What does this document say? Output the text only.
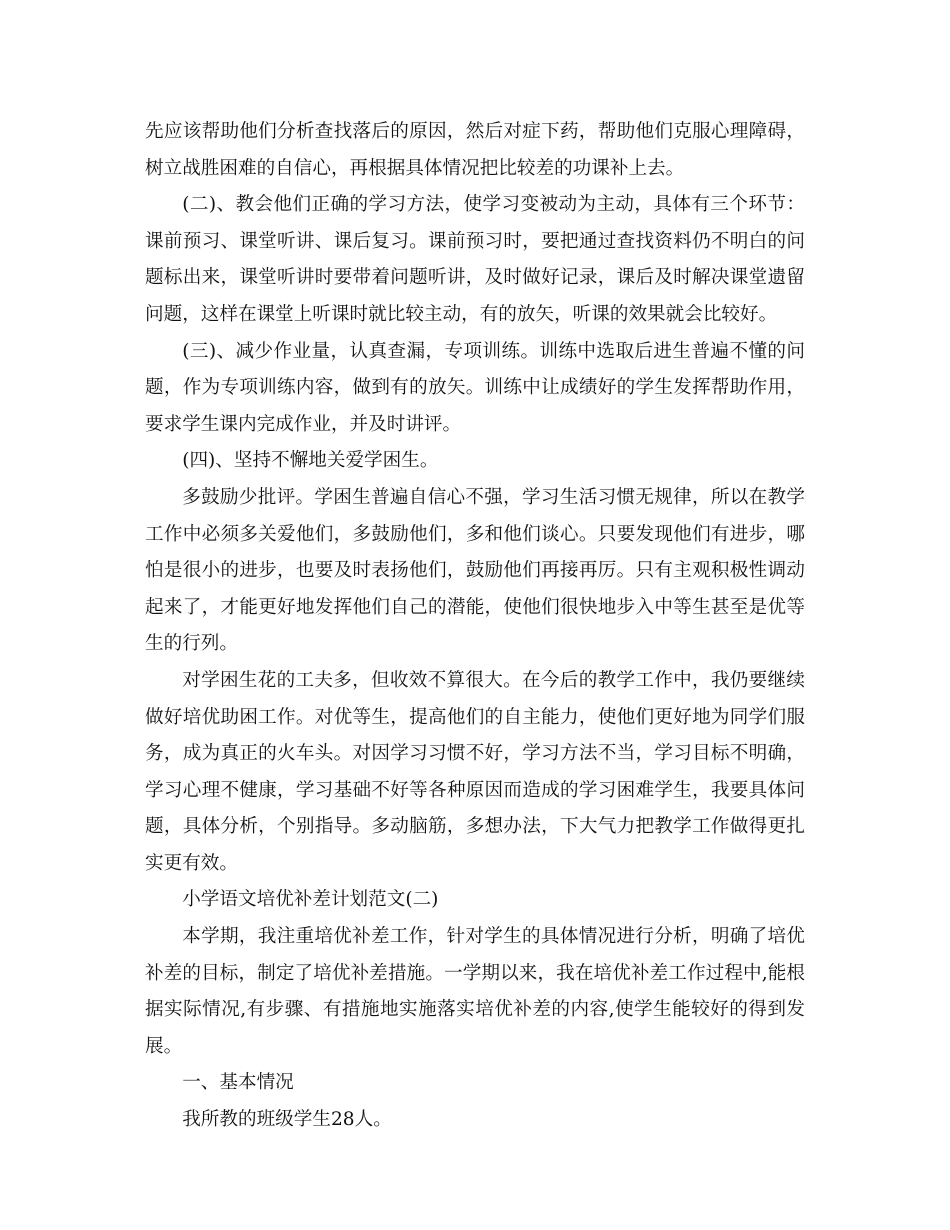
先应该帮助他们分析查找落后的原因，然后对症下药，帮助他们克服心理障碍，树立战胜困难的自信心，再根据具体情况把比较差的功课补上去。

(二)、教会他们正确的学习方法，使学习变被动为主动，具体有三个环节：课前预习、课堂听讲、课后复习。课前预习时，要把通过查找资料仍不明白的问题标出来，课堂听讲时要带着问题听讲，及时做好记录，课后及时解决课堂遗留问题，这样在课堂上听课时就比较主动，有的放矢，听课的效果就会比较好。

(三)、减少作业量，认真查漏，专项训练。训练中选取后进生普遍不懂的问题，作为专项训练内容，做到有的放矢。训练中让成绩好的学生发挥帮助作用，要求学生课内完成作业，并及时讲评。

(四)、坚持不懈地关爱学困生。

多鼓励少批评。学困生普遍自信心不强，学习生活习惯无规律，所以在教学工作中必须多关爱他们，多鼓励他们，多和他们谈心。只要发现他们有进步，哪怕是很小的进步，也要及时表扬他们，鼓励他们再接再厉。只有主观积极性调动起来了，才能更好地发挥他们自己的潜能，使他们很快地步入中等生甚至是优等生的行列。

对学困生花的工夫多，但收效不算很大。在今后的教学工作中，我仍要继续做好培优助困工作。对优等生，提高他们的自主能力，使他们更好地为同学们服务，成为真正的火车头。对因学习习惯不好，学习方法不当，学习目标不明确，学习心理不健康，学习基础不好等各种原因而造成的学习困难学生，我要具体问题，具体分析，个别指导。多动脑筋，多想办法，下大气力把教学工作做得更扎实更有效。

小学语文培优补差计划范文(二)

本学期，我注重培优补差工作，针对学生的具体情况进行分析，明确了培优补差的目标，制定了培优补差措施。一学期以来，我在培优补差工作过程中,能根据实际情况,有步骤、有措施地实施落实培优补差的内容,使学生能较好的得到发展。

一、基本情况

我所教的班级学生28人。
